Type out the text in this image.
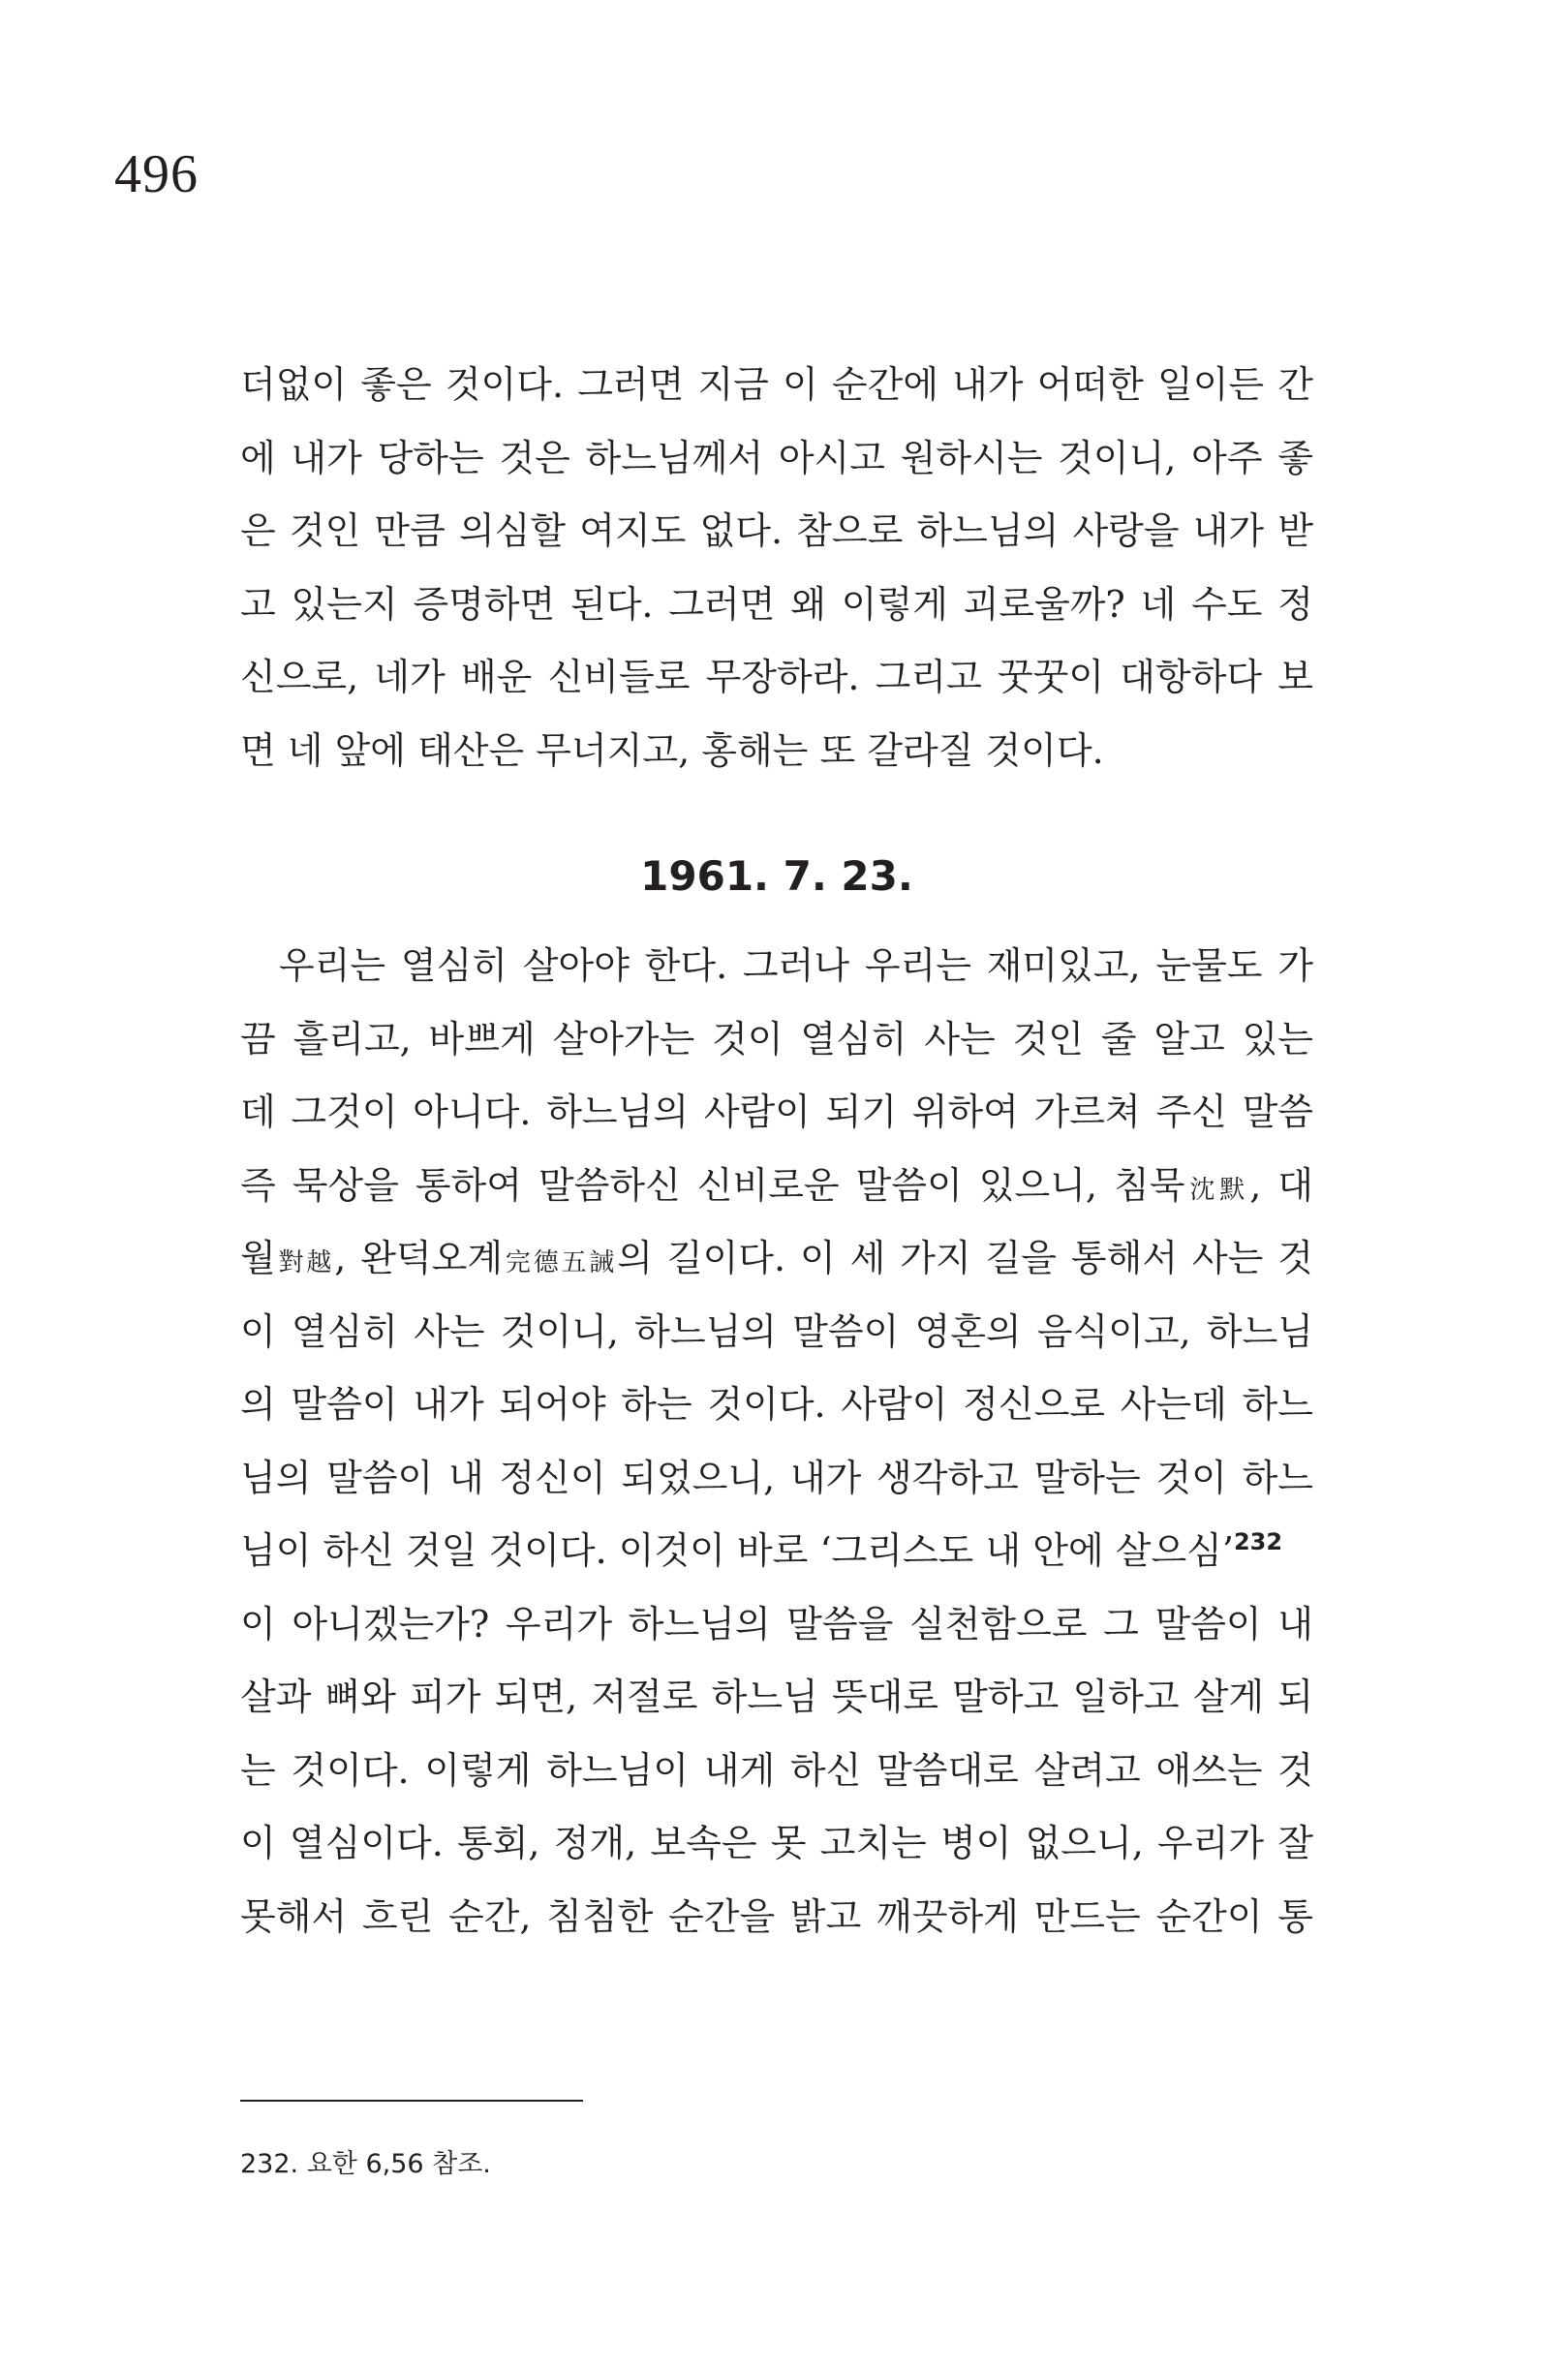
496
더없이 좋은 것이다. 그러면 지금 이 순간에 내가 어떠한 일이든 간
에 내가 당하는 것은 하느님께서 아시고 원하시는 것이니, 아주 좋
은 것인 만큼 의심할 여지도 없다. 참으로 하느님의 사랑을 내가 받
고 있는지 증명하면 된다. 그러면 왜 이렇게 괴로울까? 네 수도 정
신으로, 네가 배운 신비들로 무장하라. 그리고 꿋꿋이 대항하다 보
면 네 앞에 태산은 무너지고, 홍해는 또 갈라질 것이다.
1961. 7. 23.
우리는 열심히 살아야 한다. 그러나 우리는 재미있고, 눈물도 가
끔 흘리고, 바쁘게 살아가는 것이 열심히 사는 것인 줄 알고 있는
데 그것이 아니다. 하느님의 사람이 되기 위하여 가르쳐 주신 말씀
즉 묵상을 통하여 말씀하신 신비로운 말씀이 있으니, 침묵沈默, 대
월對越, 완덕오계完德五誡의 길이다. 이 세 가지 길을 통해서 사는 것
이 열심히 사는 것이니, 하느님의 말씀이 영혼의 음식이고, 하느님
의 말씀이 내가 되어야 하는 것이다. 사람이 정신으로 사는데 하느
님의 말씀이 내 정신이 되었으니, 내가 생각하고 말하는 것이 하느
님이 하신 것일 것이다. 이것이 바로 ‘그리스도 내 안에 살으심’$^{232}$
이 아니겠는가? 우리가 하느님의 말씀을 실천함으로 그 말씀이 내
살과 뼈와 피가 되면, 저절로 하느님 뜻대로 말하고 일하고 살게 되
는 것이다. 이렇게 하느님이 내게 하신 말씀대로 살려고 애쓰는 것
이 열심이다. 통회, 정개, 보속은 못 고치는 병이 없으니, 우리가 잘
못해서 흐린 순간, 침침한 순간을 밝고 깨끗하게 만드는 순간이 통
232. 요한 6,56 참조.
